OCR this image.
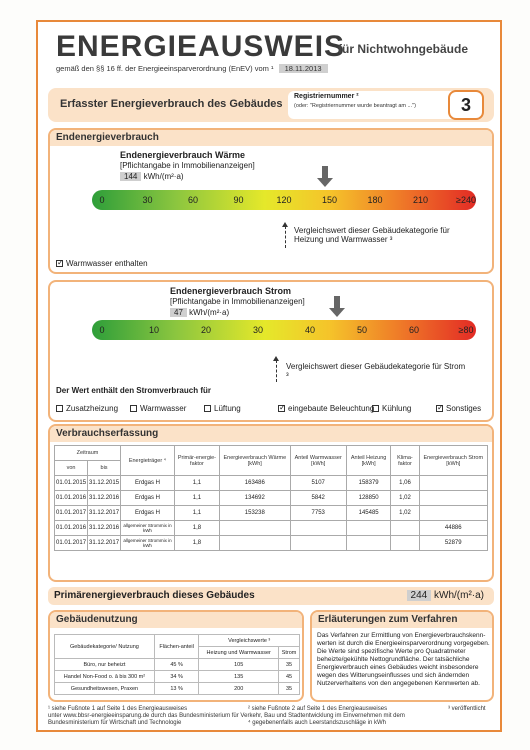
ENERGIEAUSWEIS
für Nichtwohngebäude
gemäß den §§ 16 ff. der Energieeinsparverordnung (EnEV) vom ¹ 18.11.2013
Erfasster Energieverbrauch des Gebäudes
Registriernummer ²
(oder: "Registriernummer wurde beantragt am ...")	3
Endenergieverbrauch
Endenergieverbrauch Wärme
[Pflichtangabe in Immobilienanzeigen]
144 kWh/(m²·a)
0	30	60	90	120	150	180	210	≥240
Vergleichswert dieser Gebäudekategorie für Heizung und Warmwasser ³
✓Warmwasser enthalten
Endenergieverbrauch Strom
[Pflichtangabe in Immobilienanzeigen]
47 kWh/(m²·a)
0	10	20	30	40	50	60	≥80
Vergleichswert dieser Gebäudekategorie für Strom ³
Der Wert enthält den Stromverbrauch für
Zusatzheizung	Warmwasser	Lüftung ✓	eingebaute Beleuchtung Kühlung ✓	Sonstiges
Verbrauchserfassung
Zeitraum		Energieträger ⁴	Primär-energie-faktor	Energieverbrauch Wärme [kWh]	Anteil Warmwasser [kWh]	Anteil Heizung [kWh]	Klima-faktor	Energieverbrauch Strom [kWh]
von	bis							
01.01.2015	31.12.2015	Erdgas H	1,1	163486	5107	158379	1,06	
01.01.2016	31.12.2016	Erdgas H	1,1	134692	5842	128850	1,02	
01.01.2017	31.12.2017	Erdgas H	1,1	153238	7753	145485	1,02	
01.01.2016	31.12.2016	allgemeiner Strommix in kWh	1,8					44886
01.01.2017	31.12.2017	allgemeiner Strommix in kWh	1,8					52879
Primärenergieverbrauch dieses Gebäudes	244 kWh/(m²·a)
Gebäudenutzung
Gebäudekategorie/ Nutzung	Flächen-anteil	Vergleichswerte ³	
		Heizung und Warmwasser	Strom
Büro, nur beheizt	45 %	105	35
Handel Non-Food o. â bis 300 m²	34 %	135	45
Gesundheitswesen, Praxen	13 %	200	35
Erläuterungen zum Verfahren
Das Verfahren zur Ermittlung von Energieverbrauchskenn-werten ist durch die Energieeinsparverordnung vorgegeben. Die Werte sind spezifische Werte pro Quadratmeter beheizte/gekühlte Nettogrundfläche. Der tatsächliche Energieverbrauch eines Gebäudes weicht insbesondere wegen des Witterungseinflusses und sich ändernden Nutzerverhaltens von den angegebenen Kennwerten ab.
¹ siehe Fußnote 1 auf Seite 1 des Energieausweises	² siehe Fußnote 2 auf Seite 1 des Energieausweises	³ veröffentlicht
unter www.bbsr-energieeinsparung.de durch das Bundesministerium für Verkehr, Bau und Stadtentwicklung im Einvernehmen mit dem
Bundesministerium für Wirtschaft und Technologie	⁴ gegebenenfalls auch Leerstandszuschläge in kWh
